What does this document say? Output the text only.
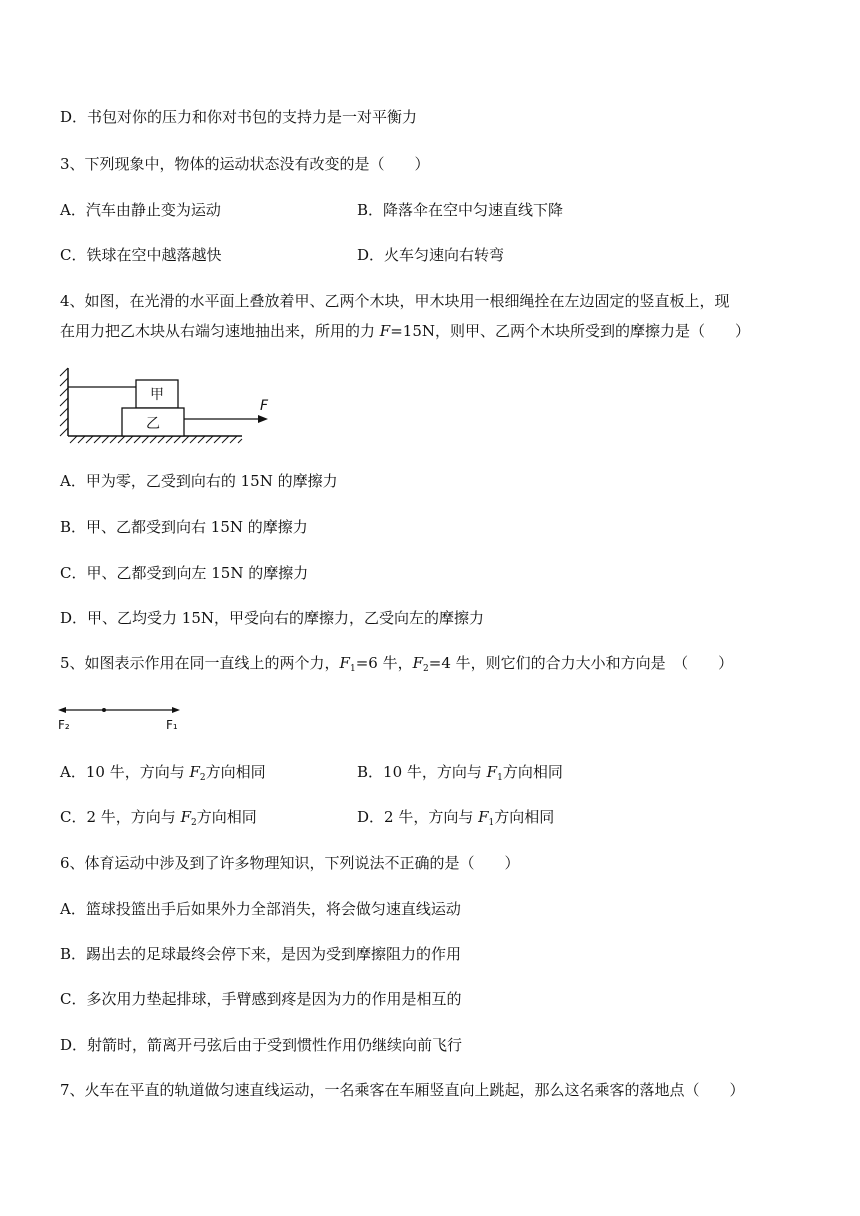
D．书包对你的压力和你对书包的支持力是一对平衡力
3、下列现象中，物体的运动状态没有改变的是（　　）
A．汽车由静止变为运动	B．降落伞在空中匀速直线下降
C．铁球在空中越落越快	D．火车匀速向右转弯
4、如图，在光滑的水平面上叠放着甲、乙两个木块，甲木块用一根细绳拴在左边固定的竖直板上，现
在用力把乙木块从右端匀速地抽出来，所用的力 F=15N，则甲、乙两个木块所受到的摩擦力是（　　）
甲
乙
F
A．甲为零，乙受到向右的 15N 的摩擦力
B．甲、乙都受到向右 15N 的摩擦力
C．甲、乙都受到向左 15N 的摩擦力
D．甲、乙均受力 15N，甲受向右的摩擦力，乙受向左的摩擦力
5、如图表示作用在同一直线上的两个力，$F_1=6$ 牛，$F_2=4$ 牛，则它们的合力大小和方向是　（　　）
F₂	F₁
A．10 牛，方向与 $F_2$方向相同	B．10 牛，方向与 $F_1$方向相同
C．2 牛，方向与 $F_2$方向相同	D．2 牛，方向与 $F_1$方向相同
6、体育运动中涉及到了许多物理知识，下列说法不正确的是（　　）
A．篮球投篮出手后如果外力全部消失，将会做匀速直线运动
B．踢出去的足球最终会停下来，是因为受到摩擦阻力的作用
C．多次用力垫起排球，手臂感到疼是因为力的作用是相互的
D．射箭时，箭离开弓弦后由于受到惯性作用仍继续向前飞行
7、火车在平直的轨道做匀速直线运动，一名乘客在车厢竖直向上跳起，那么这名乘客的落地点（　　）
